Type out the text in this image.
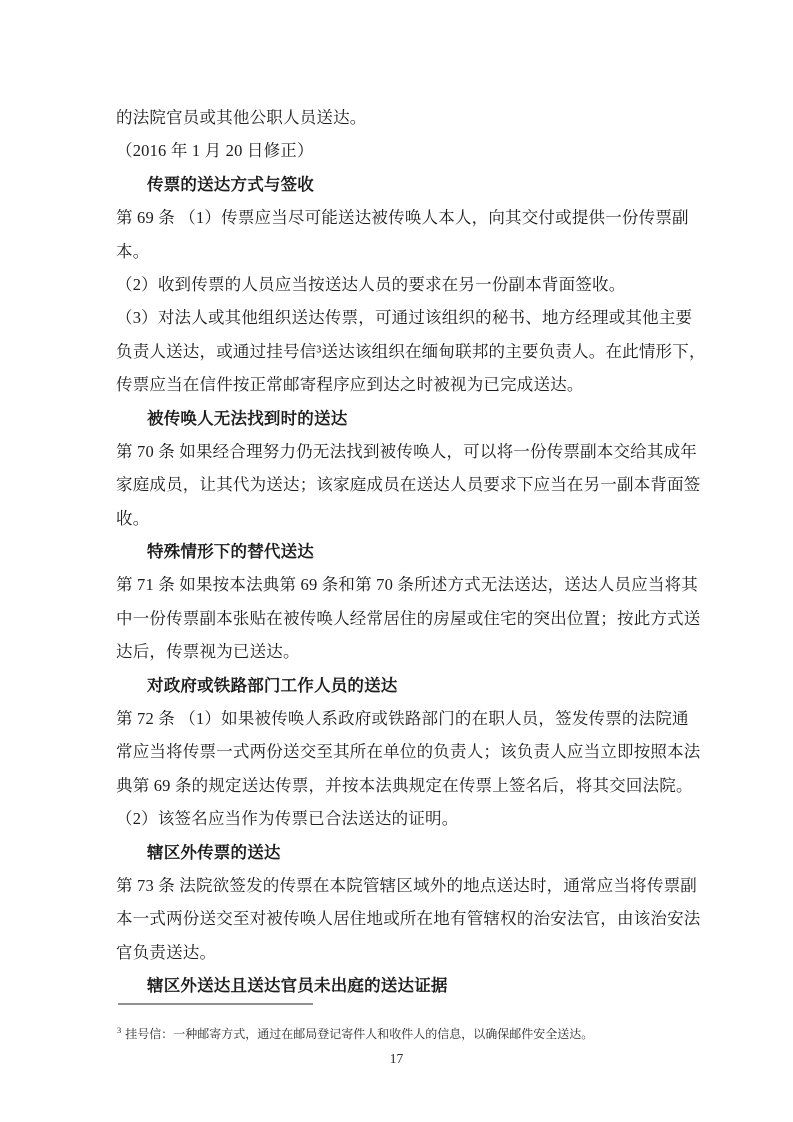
的法院官员或其他公职人员送达。
（2016 年 1 月 20 日修正）
传票的送达方式与签收
第 69 条 （1）传票应当尽可能送达被传唤人本人，向其交付或提供一份传票副
本。
（2）收到传票的人员应当按送达人员的要求在另一份副本背面签收。
（3）对法人或其他组织送达传票，可通过该组织的秘书、地方经理或其他主要
负责人送达，或通过挂号信³送达该组织在缅甸联邦的主要负责人。在此情形下，
传票应当在信件按正常邮寄程序应到达之时被视为已完成送达。
被传唤人无法找到时的送达
第 70 条 如果经合理努力仍无法找到被传唤人，可以将一份传票副本交给其成年
家庭成员，让其代为送达；该家庭成员在送达人员要求下应当在另一副本背面签
收。
特殊情形下的替代送达
第 71 条 如果按本法典第 69 条和第 70 条所述方式无法送达，送达人员应当将其
中一份传票副本张贴在被传唤人经常居住的房屋或住宅的突出位置；按此方式送
达后，传票视为已送达。
对政府或铁路部门工作人员的送达
第 72 条 （1）如果被传唤人系政府或铁路部门的在职人员，签发传票的法院通
常应当将传票一式两份送交至其所在单位的负责人；该负责人应当立即按照本法
典第 69 条的规定送达传票，并按本法典规定在传票上签名后，将其交回法院。
（2）该签名应当作为传票已合法送达的证明。
辖区外传票的送达
第 73 条 法院欲签发的传票在本院管辖区域外的地点送达时，通常应当将传票副
本一式两份送交至对被传唤人居住地或所在地有管辖权的治安法官，由该治安法
官负责送达。
辖区外送达且送达官员未出庭的送达证据
$^3$ 挂号信：一种邮寄方式，通过在邮局登记寄件人和收件人的信息，以确保邮件安全送达。
17
